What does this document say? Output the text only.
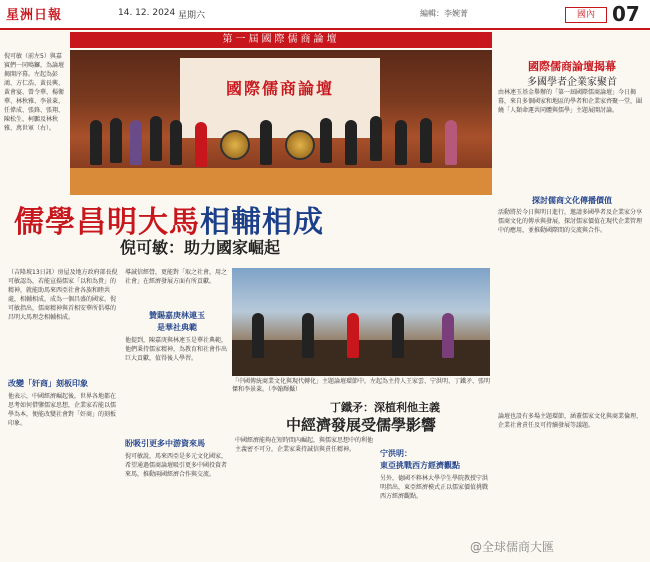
星洲日報	14. 12. 2024 星期六	編輯：李婉菁	國內 07
第一屆國際儒商論壇
倪可敏（前左5）與嘉賓們一同鳴鑼，為論壇揭開序幕。左起為彭鴻、方仁浩、黃長興、黃會宴、曾令華、楊衛華、林秋雅、李景萊、任偉成、張鋒、張翔、陳松生、柯鵬及林秋雅、萬世軍（右）。
國際儒商論壇
國際儒商論壇揭幕
多國學者企業家聚首
由林連玉基金舉辦的「第一屆國際儒商論壇」今日揭幕，來自多個國家和地區的學者和企業家齊聚一堂，圍繞「人類命運共同體與儒學」主題展開討論。
儒學昌明大馬相輔相成
倪可敏：助力國家崛起
（吉隆坡13日訊）房屋及地方政府部長倪可敏認為，若能宣揚儒家「以和為貴」的精神，就能助馬來西亞社會各族和睦共處，相輔相成，成為一個昌盛的國家。倪可敏指出，儒商精神與首相安華所倡導的昌明大馬理念相輔相成。
改變「奸商」刻板印象
他表示，中國經濟崛起後，世界各地都在思考如何借鑒儒家思想，企業家若能以儒學為本，便能改變社會對「奸商」的刻板印象。
導誠信經營，更能對「取之社會，用之社會」在經濟發展方面有所貢獻。
贊賜嘉庚林連玉
是華社典範
他提到，陳嘉庚與林連玉是華社典範，他們秉持儒家精神，為教育和社會作出巨大貢獻，值得後人學習。
盼吸引更多中游資來馬
倪可敏說，馬來西亞是多元文化國家，希望通過儒商論壇吸引更多中國投資者來馬，推動兩國經濟合作與交流。
「中國傳統商業文化與現代轉化」主題論壇環節中，左起為主持人王家雲、宁洪明、丁鐵矛、張明傑和李景萊。（李翰輝攝）
丁鐵矛：深植利他主義
中經濟發展受儒學影響
中國經濟能夠在短時間內崛起，與儒家思想中的利他主義密不可分，企業家秉持誠信與責任精神。	宁洪明：
東亞挑戰西方經濟觀點
另外，德國不粹林大學孕生學院教授宁洪明指出，東亞經濟模式正以儒家價值挑戰西方經濟觀點。
探討儒商文化傳播價值
活動將於今日與明日進行，邀請多國學者及企業家分享儒商文化的傳承與發展，探討儒家價值在現代企業管理中的應用，並推動國際間的交流與合作。
論壇也設有多場主題環節，涵蓋儒家文化與商業倫理、企業社會責任及可持續發展等議題。
@全球儒商大匯
